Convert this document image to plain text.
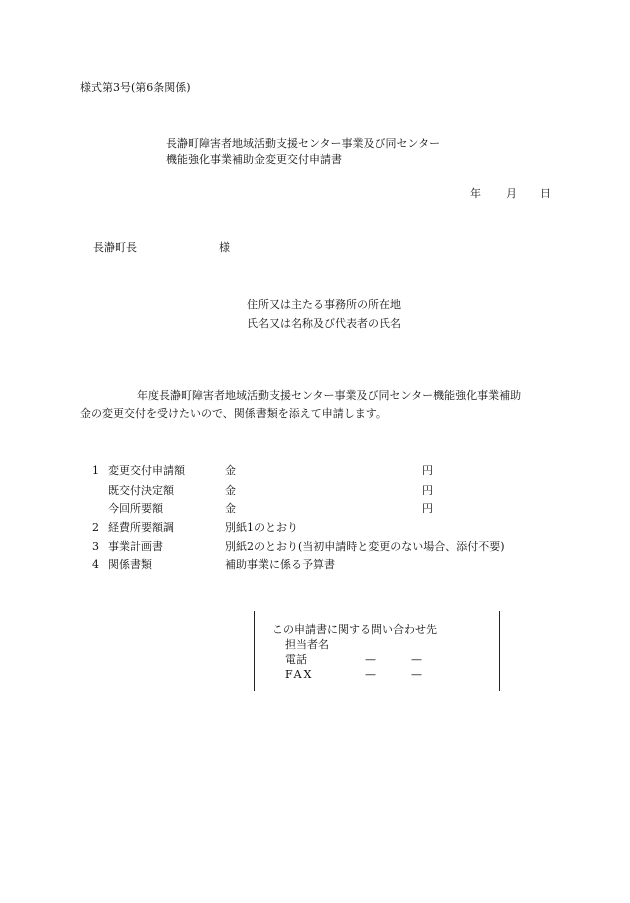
様式第3号(第6条関係)
長瀞町障害者地域活動支援センター事業及び同センター
機能強化事業補助金変更交付申請書
年 月 日
長瀞町長	様
住所又は主たる事務所の所在地
氏名又は名称及び代表者の氏名
年度長瀞町障害者地域活動支援センター事業及び同センター機能強化事業補助
金の変更交付を受けたいので、関係書類を添えて申請します。
1 変更交付申請額	金	円
既交付決定額	金	円
今回所要額	金	円
2 経費所要額調	別紙1のとおり
3 事業計画書	別紙2のとおり(当初申請時と変更のない場合、添付不要)
4 関係書類	補助事業に係る予算書
この申請書に関する問い合わせ先
担当者名
電話	—	—
FAX	—	—
